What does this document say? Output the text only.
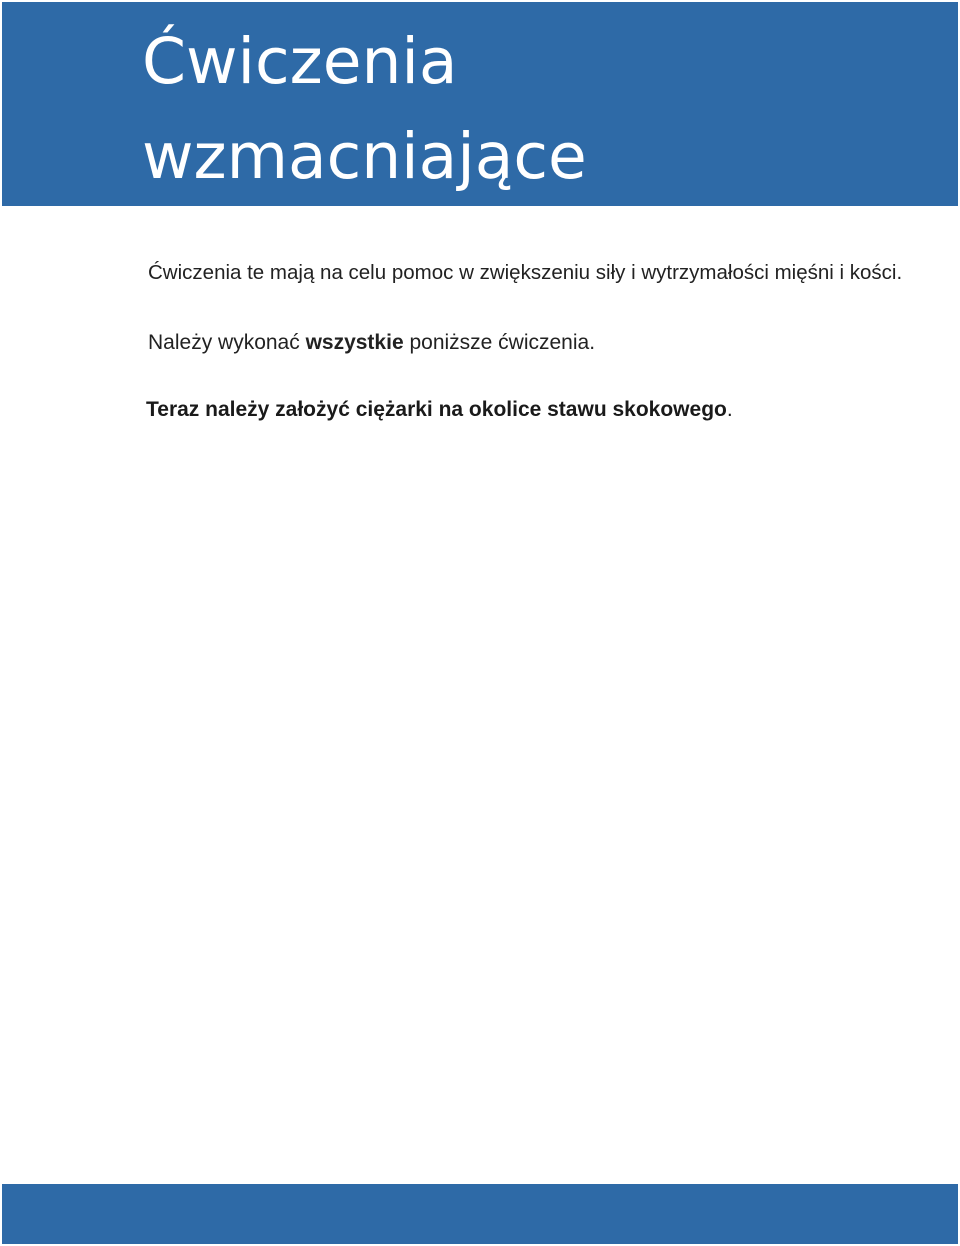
Ćwiczenia
wzmacniające

Ćwiczenia te mają na celu pomoc w zwiększeniu siły i wytrzymałości mięśni i kości.

Należy wykonać wszystkie poniższe ćwiczenia.

Teraz należy założyć ciężarki na okolice stawu skokowego.
